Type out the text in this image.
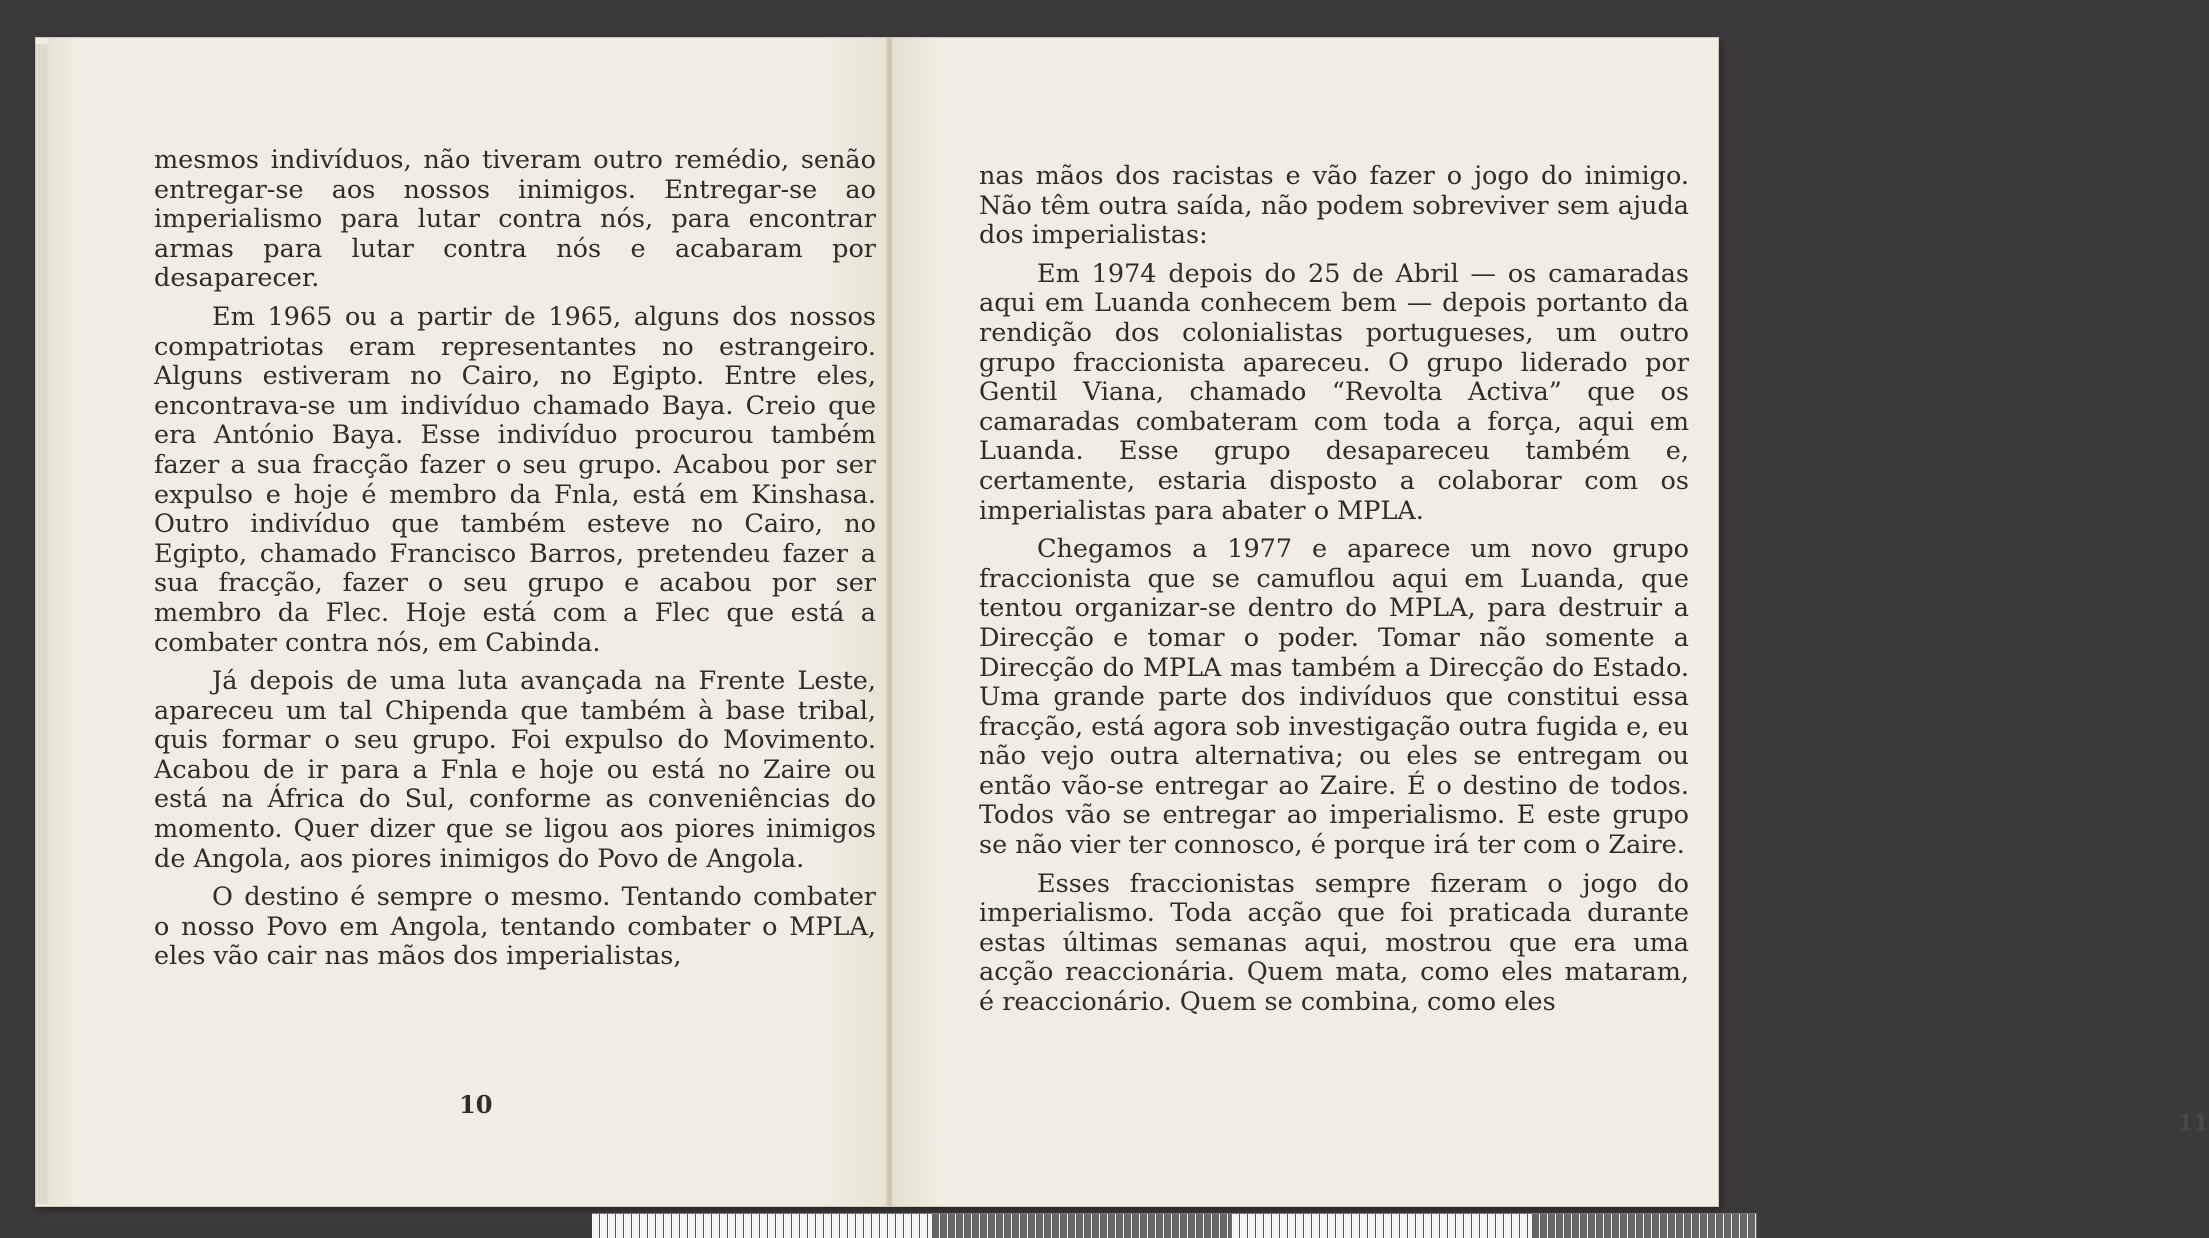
mesmos indivíduos, não tiveram outro remédio, senão entregar-se aos nossos inimigos. Entregar-se ao imperialismo para lutar contra nós, para encontrar armas para lutar contra nós e acabaram por desaparecer.

Em 1965 ou a partir de 1965, alguns dos nossos compatriotas eram representantes no estrangeiro. Alguns estiveram no Cairo, no Egipto. Entre eles, encontrava-se um indivíduo chamado Baya. Creio que era António Baya. Esse indivíduo procurou também fazer a sua fracção fazer o seu grupo. Acabou por ser expulso e hoje é membro da Fnla, está em Kinshasa. Outro indivíduo que também esteve no Cairo, no Egipto, chamado Francisco Barros, pretendeu fazer a sua fracção, fazer o seu grupo e acabou por ser membro da Flec. Hoje está com a Flec que está a combater contra nós, em Cabinda.

Já depois de uma luta avançada na Frente Leste, apareceu um tal Chipenda que também à base tribal, quis formar o seu grupo. Foi expulso do Movimento. Acabou de ir para a Fnla e hoje ou está no Zaire ou está na África do Sul, conforme as conveniências do momento. Quer dizer que se ligou aos piores inimigos de Angola, aos piores inimigos do Povo de Angola.

O destino é sempre o mesmo. Tentando combater o nosso Povo em Angola, tentando combater o MPLA, eles vão cair nas mãos dos imperialistas,

10

nas mãos dos racistas e vão fazer o jogo do inimigo. Não têm outra saída, não podem sobreviver sem ajuda dos imperialistas:

Em 1974 depois do 25 de Abril — os camaradas aqui em Luanda conhecem bem — depois portanto da rendição dos colonialistas portugueses, um outro grupo fraccionista apareceu. O grupo liderado por Gentil Viana, chamado “Revolta Activa” que os camaradas combateram com toda a força, aqui em Luanda. Esse grupo desapareceu também e, certamente, estaria disposto a colaborar com os imperialistas para abater o MPLA.

Chegamos a 1977 e aparece um novo grupo fraccionista que se camuflou aqui em Luanda, que tentou organizar-se dentro do MPLA, para destruir a Direcção e tomar o poder. Tomar não somente a Direcção do MPLA mas também a Direcção do Estado. Uma grande parte dos indivíduos que constitui essa fracção, está agora sob investigação outra fugida e, eu não vejo outra alternativa; ou eles se entregam ou então vão-se entregar ao Zaire. É o destino de todos. Todos vão se entregar ao imperialismo. E este grupo se não vier ter connosco, é porque irá ter com o Zaire.

Esses fraccionistas sempre fizeram o jogo do imperialismo. Toda acção que foi praticada durante estas últimas semanas aqui, mostrou que era uma acção reaccionária. Quem mata, como eles mataram, é reaccionário. Quem se combina, como eles

11
